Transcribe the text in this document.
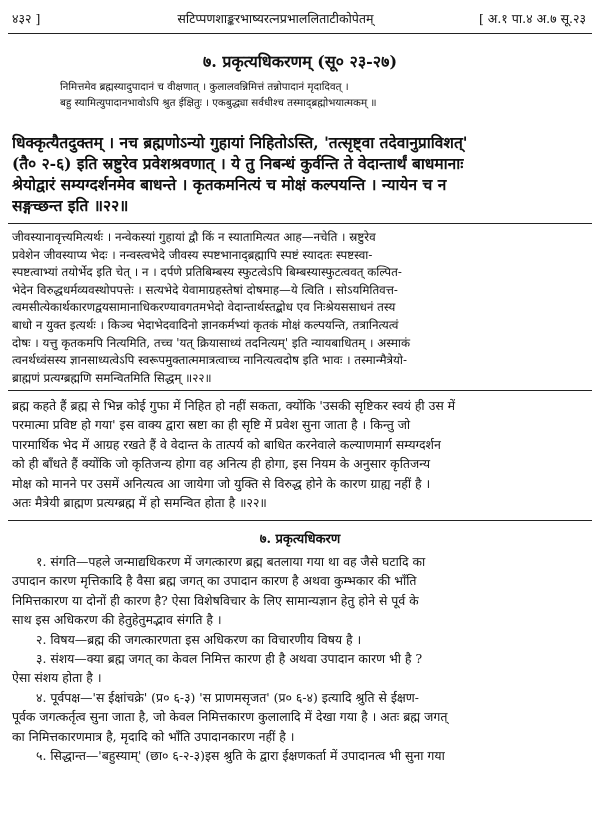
४३२ ]	सटिप्पणशाङ्करभाष्यरत्नप्रभाललिताटीकोपेतम्	[ अ.१ पा.४ अ.७ सू.२३
७. प्रकृत्यधिकरणम् (सू० २३-२७)
निमित्तमेव ब्रह्मस्यादुपादानं च वीक्षणात् । कुलालवन्निमित्तं तन्नोपादानं मृदादिवत् ।
बहु स्यामित्युपादानभावोऽपि श्रुत ईक्षितुः । एकबुद्ध्या सर्वधीश्च तस्माद्ब्रह्मोभयात्मकम् ॥
धिक्कृत्यैतदुक्तम् । नच ब्रह्मणोऽन्यो गुहायां निहितोऽस्ति, 'तत्सृष्ट्वा तदेवानुप्राविशत्'
(तै० २-६) इति स्रष्टुरेव प्रवेशश्रवणात् । ये तु निबन्धं कुर्वन्ति ते वेदान्तार्थं बाधमानाः
श्रेयोद्वारं सम्यग्दर्शनमेव बाधन्ते । कृतकमनित्यं च मोक्षं कल्पयन्ति । न्यायेन च न
सङ्गच्छन्त इति ॥२२॥
जीवस्यानावृत्त्यमित्यर्थः । नन्वेकस्यां गुहायां द्वौ किं न स्यातामित्यत आह—नचेति । स्रष्टुरेव
प्रवेशेन जीवस्याप्य भेदः । नन्वस्त्वभेदे जीवस्य स्पष्टभानाद्ब्रह्मापि स्पष्टं स्यादतः स्पष्टस्वा-
स्पष्टत्वाभ्यां तयोर्भेद इति चेत् । न । दर्पणे प्रतिबिम्बस्य स्फुटत्वेऽपि बिम्बस्यास्फुटत्ववत् कल्पित-
भेदेन विरुद्धधर्मव्यवस्थोपपत्तेः । सत्यभेदे येवामाग्रहस्तेषां दोषमाह—ये त्विति । सोऽयमितिवत्त-
त्वमसीत्येकार्थकारणद्वयसामानाधिकरण्यावगतमभेदो वेदान्तार्थस्तद्बोध एव निःश्रेयससाधनं तस्य
बाधो न युक्त इत्यर्थः । किञ्च भेदाभेदवादिनो ज्ञानकर्मभ्यां कृतकं मोक्षं कल्पयन्ति, तत्रानित्यत्वं
दोषः । यत्तु कृतकमपि नित्यमिति, तच्च 'यत् क्रियासाध्यं तदनित्यम्' इति न्यायबाधितम् । अस्माकं
त्वनर्थध्वंसस्य ज्ञानसाध्यत्वेऽपि स्वरूपमुक्तात्ममात्रत्वाच्च नानित्यत्वदोष इति भावः । तस्मान्मैत्रेयो-
ब्राह्मणं प्रत्यग्ब्रह्मणि समन्वितमिति सिद्धम् ॥२२॥
ब्रह्म कहते हैं ब्रह्म से भिन्न कोई गुफा में निहित हो नहीं सकता, क्योंकि 'उसकी सृष्टिकर स्वयं ही उस में
परमात्मा प्रविष्ट हो गया' इस वाक्य द्वारा स्रष्टा का ही सृष्टि में प्रवेश सुना जाता है । किन्तु जो
पारमार्थिक भेद में आग्रह रखते हैं वे वेदान्त के तात्पर्य को बाधित करनेवाले कल्याणमार्ग सम्यग्दर्शन
को ही बाँधते हैं क्योंकि जो कृतिजन्य होगा वह अनित्य ही होगा, इस नियम के अनुसार कृतिजन्य
मोक्ष को मानने पर उसमें अनित्यत्व आ जायेगा जो युक्ति से विरुद्ध होने के कारण ग्राह्य नहीं है ।
अतः मैत्रेयी ब्राह्मण प्रत्यग्ब्रह्म में हो समन्वित होता है ॥२२॥
७. प्रकृत्यधिकरण
१. संगति—पहले जन्माद्यधिकरण में जगत्कारण ब्रह्म बतलाया गया था वह जैसे घटादि का
उपादान कारण मृत्तिकादि है वैसा ब्रह्म जगत् का उपादान कारण है अथवा कुम्भकार की भाँति
निमित्तकारण या दोनों ही कारण है? ऐसा विशेषविचार के लिए सामान्यज्ञान हेतु होने से पूर्व के
साथ इस अधिकरण की हेतुहेतुमद्भाव संगति है ।
२. विषय—ब्रह्म की जगत्कारणता इस अधिकरण का विचारणीय विषय है ।
३. संशय—क्या ब्रह्म जगत् का केवल निमित्त कारण ही है अथवा उपादान कारण भी है ?
ऐसा संशय होता है ।
४. पूर्वपक्ष—'स ईक्षांचक्रे' (प्र० ६-३) 'स प्राणमसृजत' (प्र० ६-४) इत्यादि श्रुति से ईक्षण-
पूर्वक जगत्कर्तृत्व सुना जाता है, जो केवल निमित्तकारण कुलालादि में देखा गया है । अतः ब्रह्म जगत्
का निमित्तकारणमात्र है, मृदादि को भाँति उपादानकारण नहीं है ।
५. सिद्धान्त—'बहुस्याम्' (छा० ६-२-३)इस श्रुति के द्वारा ईक्षणकर्ता में उपादानत्व भी सुना गया
